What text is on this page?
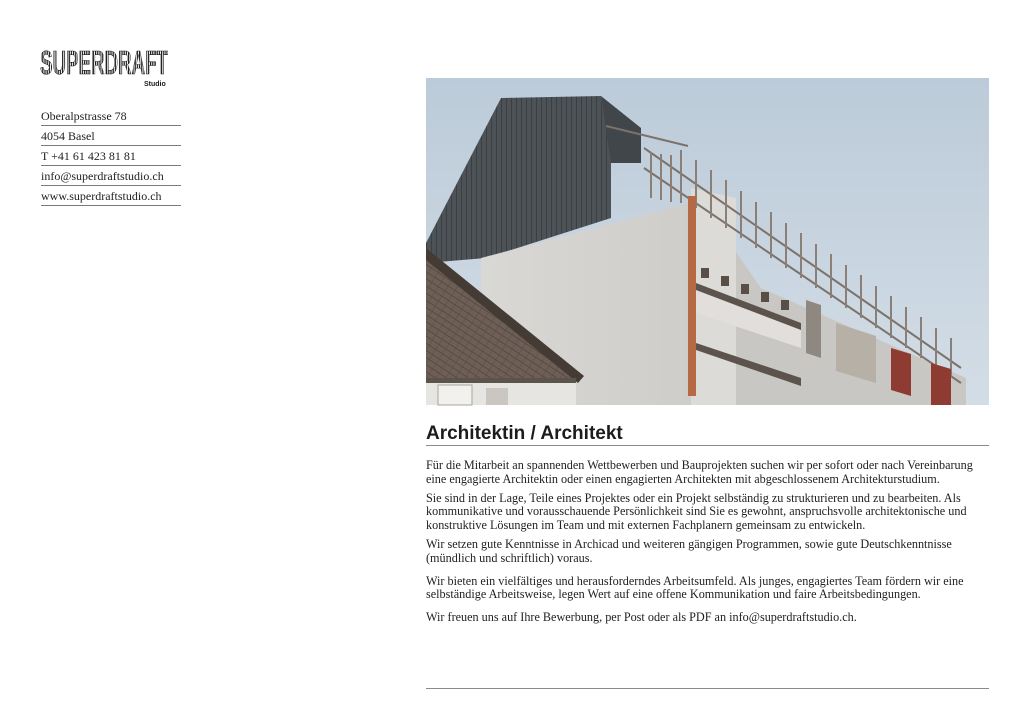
SUPERDRAFT
Studio
Oberalpstrasse 78
4054 Basel
T +41 61 423 81 81
info@superdraftstudio.ch
www.superdraftstudio.ch
Architektin / Architekt

Für die Mitarbeit an spannenden Wettbewerben und Bauprojekten suchen wir per sofort oder nach Vereinbarung eine engagierte Architektin oder einen engagierten Architekten mit abgeschlossenem Architekturstudium.

Sie sind in der Lage, Teile eines Projektes oder ein Projekt selbständig zu strukturieren und zu bearbeiten. Als kommunikative und vorausschauende Persönlichkeit sind Sie es gewohnt, anspruchsvolle architektonische und konstruktive Lösungen im Team und mit externen Fachplanern gemeinsam zu entwickeln.

Wir setzen gute Kenntnisse in Archicad und weiteren gängigen Programmen, sowie gute Deutschkenntnisse (mündlich und schriftlich) voraus.

Wir bieten ein vielfältiges und herausforderndes Arbeitsumfeld. Als junges, engagiertes Team fördern wir eine selbständige Arbeitsweise, legen Wert auf eine offene Kommunikation und faire Arbeitsbedingungen.

Wir freuen uns auf Ihre Bewerbung, per Post oder als PDF an info@superdraftstudio.ch.
